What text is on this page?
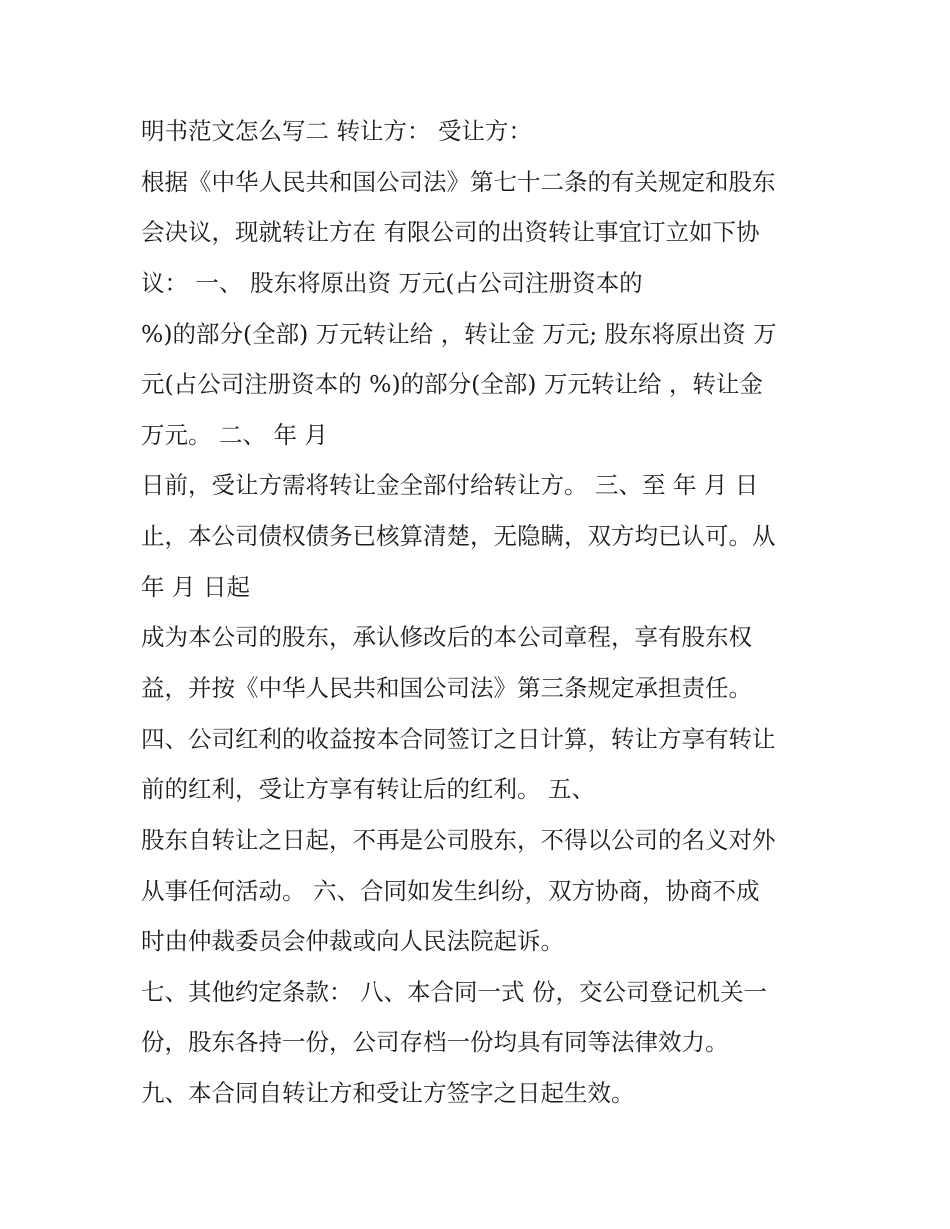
明书范文怎么写二 转让方： 受让方：
根据《中华人民共和国公司法》第七十二条的有关规定和股东
会决议，现就转让方在 有限公司的出资转让事宜订立如下协
议： 一、 股东将原出资 万元(占公司注册资本的
%)的部分(全部) 万元转让给 ，转让金 万元; 股东将原出资 万
元(占公司注册资本的 %)的部分(全部) 万元转让给 ，转让金
万元。 二、 年 月
日前，受让方需将转让金全部付给转让方。 三、至 年 月 日
止，本公司债权债务已核算清楚，无隐瞒，双方均已认可。从
年 月 日起
成为本公司的股东，承认修改后的本公司章程，享有股东权
益，并按《中华人民共和国公司法》第三条规定承担责任。
四、公司红利的收益按本合同签订之日计算，转让方享有转让
前的红利，受让方享有转让后的红利。 五、
股东自转让之日起，不再是公司股东，不得以公司的名义对外
从事任何活动。 六、合同如发生纠纷，双方协商，协商不成
时由仲裁委员会仲裁或向人民法院起诉。
七、其他约定条款： 八、本合同一式 份，交公司登记机关一
份，股东各持一份，公司存档一份均具有同等法律效力。
九、本合同自转让方和受让方签字之日起生效。
